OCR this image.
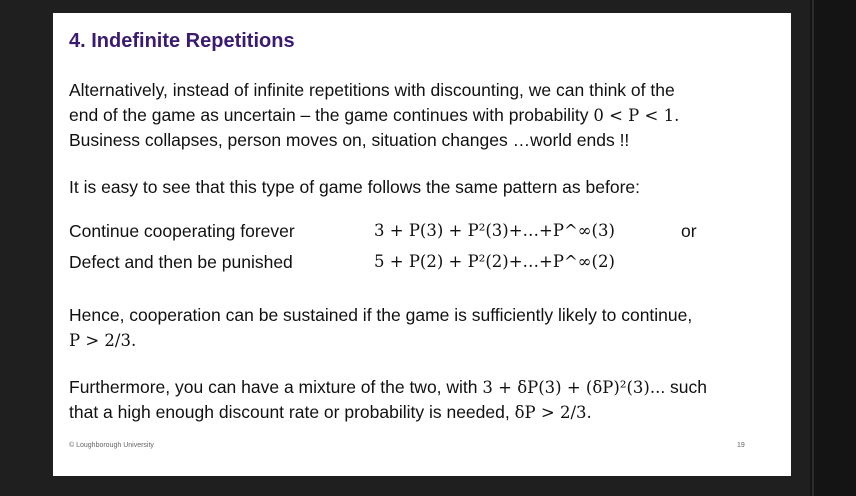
4. Indefinite Repetitions
Alternatively, instead of infinite repetitions with discounting, we can think of the
end of the game as uncertain – the game continues with probability 0 < P < 1.
Business collapses, person moves on, situation changes …world ends !!
It is easy to see that this type of game follows the same pattern as before:
Continue cooperating forever	3 + P(3) + P²(3)+…+P^∞(3)	or
Defect and then be punished	5 + P(2) + P²(2)+…+P^∞(2)
Hence, cooperation can be sustained if the game is sufficiently likely to continue,
P > 2/3.
Furthermore, you can have a mixture of the two, with 3 + δP(3) + (δP)²(3)... such
that a high enough discount rate or probability is needed, δP > 2/3.
© Loughborough University	19
